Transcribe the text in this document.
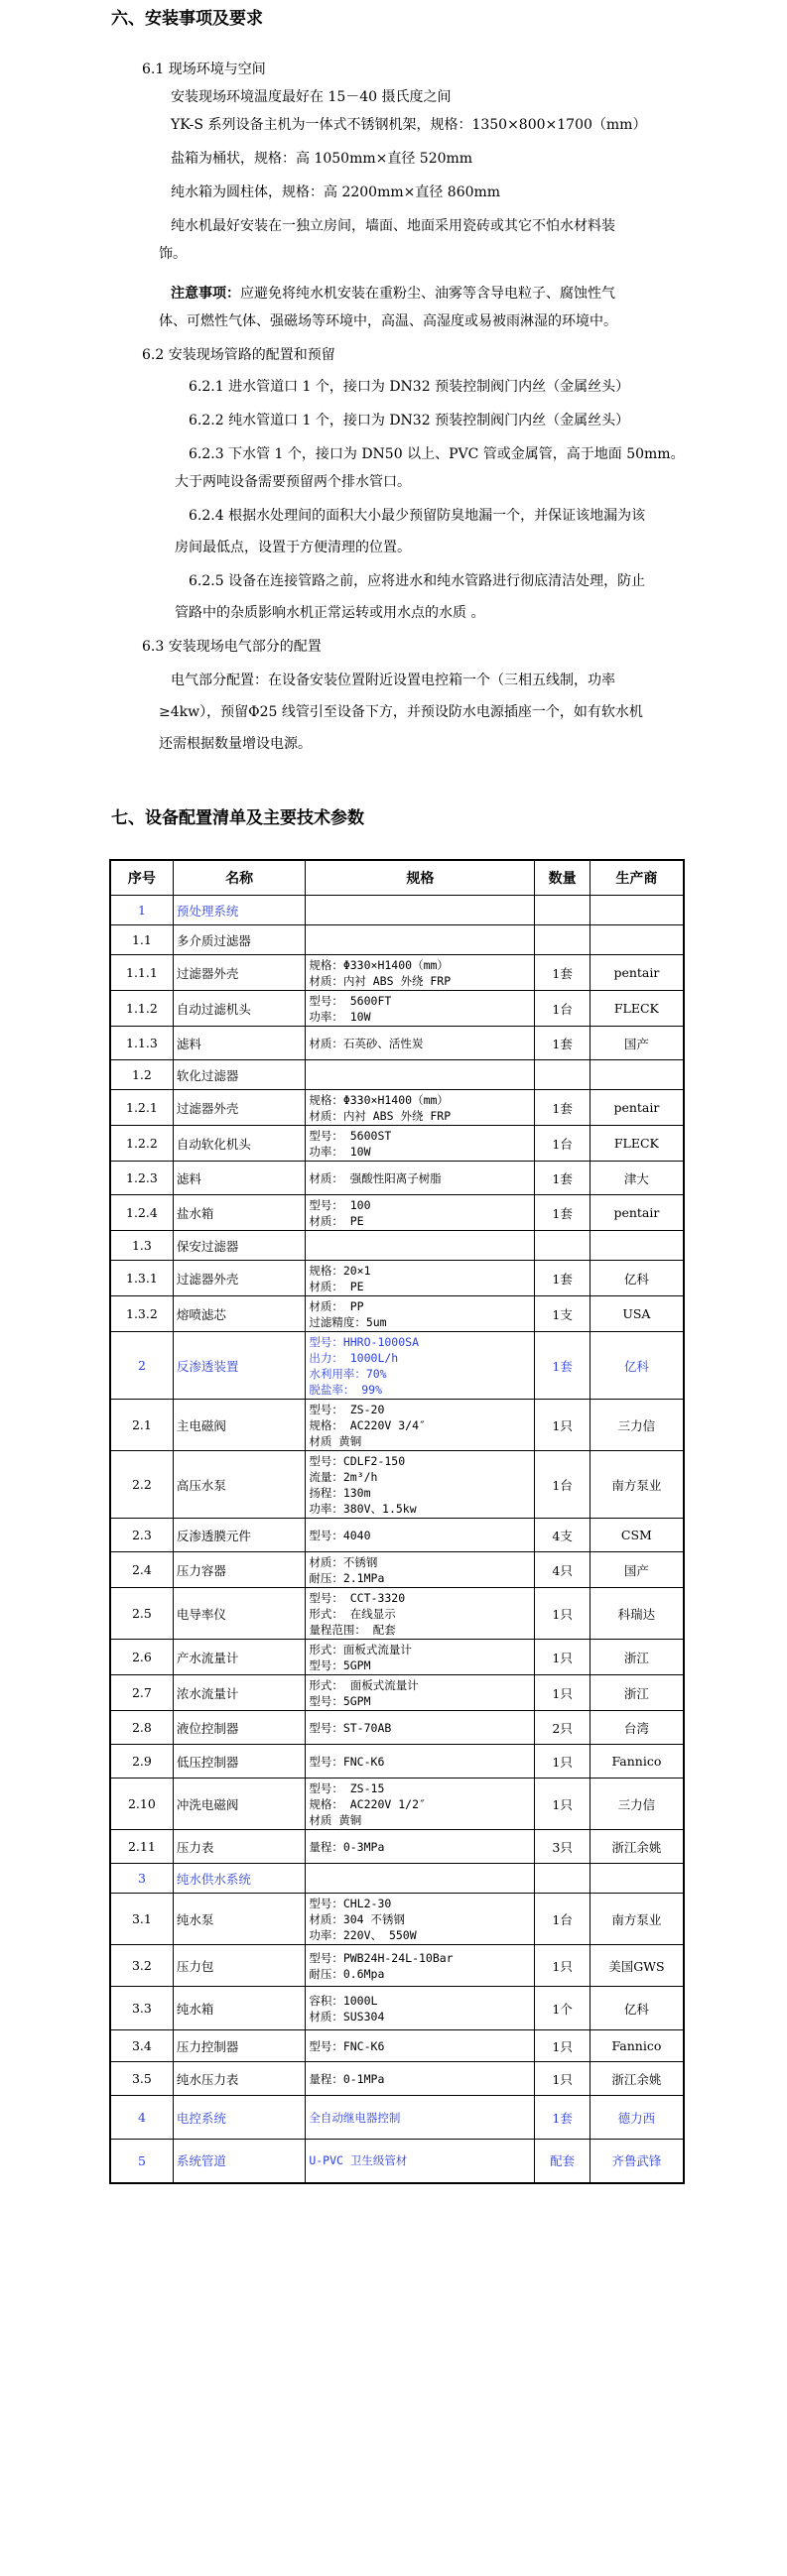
六、安装事项及要求
6.1 现场环境与空间
安装现场环境温度最好在 15－40 摄氏度之间
YK-S 系列设备主机为一体式不锈钢机架，规格：1350×800×1700（mm）
盐箱为桶状，规格：高 1050mm×直径 520mm
纯水箱为圆柱体，规格：高 2200mm×直径 860mm
纯水机最好安装在一独立房间，墙面、地面采用瓷砖或其它不怕水材料装
饰。
注意事项：应避免将纯水机安装在重粉尘、油雾等含导电粒子、腐蚀性气
体、可燃性气体、强磁场等环境中，高温、高湿度或易被雨淋湿的环境中。
6.2 安装现场管路的配置和预留
6.2.1 进水管道口 1 个，接口为 DN32 预装控制阀门内丝（金属丝头）
6.2.2 纯水管道口 1 个，接口为 DN32 预装控制阀门内丝（金属丝头）
6.2.3 下水管 1 个，接口为 DN50 以上、PVC 管或金属管，高于地面 50mm。
大于两吨设备需要预留两个排水管口。
6.2.4 根据水处理间的面积大小最少预留防臭地漏一个，并保证该地漏为该
房间最低点，设置于方便清理的位置。
6.2.5 设备在连接管路之前，应将进水和纯水管路进行彻底清洁处理，防止
管路中的杂质影响水机正常运转或用水点的水质 。
6.3 安装现场电气部分的配置
电气部分配置：在设备安装位置附近设置电控箱一个（三相五线制，功率
≥4kw），预留Φ25 线管引至设备下方，并预设防水电源插座一个，如有软水机
还需根据数量增设电源。
七、设备配置清单及主要技术参数
序号	名称	规格	数量	生产商
1	预处理系统			
1.1	多介质过滤器			
1.1.1	过滤器外壳	规格：Φ330×H1400（mm）
材质：内衬 ABS 外绕 FRP	1套	pentair
1.1.2	自动过滤机头	型号： 5600FT
功率： 10W	1台	FLECK
1.1.3	滤料	材质：石英砂、活性炭	1套	国产
1.2	软化过滤器			
1.2.1	过滤器外壳	规格：Φ330×H1400（mm）
材质：内衬 ABS 外绕 FRP	1套	pentair
1.2.2	自动软化机头	型号： 5600ST
功率： 10W	1台	FLECK
1.2.3	滤料	材质： 强酸性阳离子树脂	1套	津大
1.2.4	盐水箱	型号： 100
材质： PE	1套	pentair
1.3	保安过滤器			
1.3.1	过滤器外壳	规格：20×1
材质： PE	1套	亿科
1.3.2	熔喷滤芯	材质： PP
过滤精度：5um	1支	USA
2	反渗透装置	型号：HHRO-1000SA
出力： 1000L/h
水利用率：70%
脱盐率： 99%	1套	亿科
2.1	主电磁阀	型号： ZS-20
规格： AC220V 3/4″
材质 黄铜	1只	三力信
2.2	高压水泵	型号：CDLF2-150
流量：2m³/h
扬程：130m
功率：380V、1.5kw	1台	南方泵业
2.3	反渗透膜元件	型号：4040	4支	CSM
2.4	压力容器	材质：不锈钢
耐压：2.1MPa	4只	国产
2.5	电导率仪	型号： CCT-3320
形式： 在线显示
量程范围： 配套	1只	科瑞达
2.6	产水流量计	形式：面板式流量计
型号：5GPM	1只	浙江
2.7	浓水流量计	形式： 面板式流量计
型号：5GPM	1只	浙江
2.8	液位控制器	型号：ST-70AB	2只	台湾
2.9	低压控制器	型号：FNC-K6	1只	Fannico
2.10	冲洗电磁阀	型号： ZS-15
规格： AC220V 1/2″
材质 黄铜	1只	三力信
2.11	压力表	量程：0-3MPa	3只	浙江余姚
3	纯水供水系统			
3.1	纯水泵	型号：CHL2-30
材质：304 不锈钢
功率：220V、 550W	1台	南方泵业
3.2	压力包	型号：PWB24H-24L-10Bar
耐压：0.6Mpa	1只	美国GWS
3.3	纯水箱	容积：1000L
材质：SUS304	1个	亿科
3.4	压力控制器	型号：FNC-K6	1只	Fannico
3.5	纯水压力表	量程：0-1MPa	1只	浙江余姚
4	电控系统	全自动继电器控制	1套	德力西
5	系统管道	U-PVC 卫生级管材	配套	齐鲁武锋
